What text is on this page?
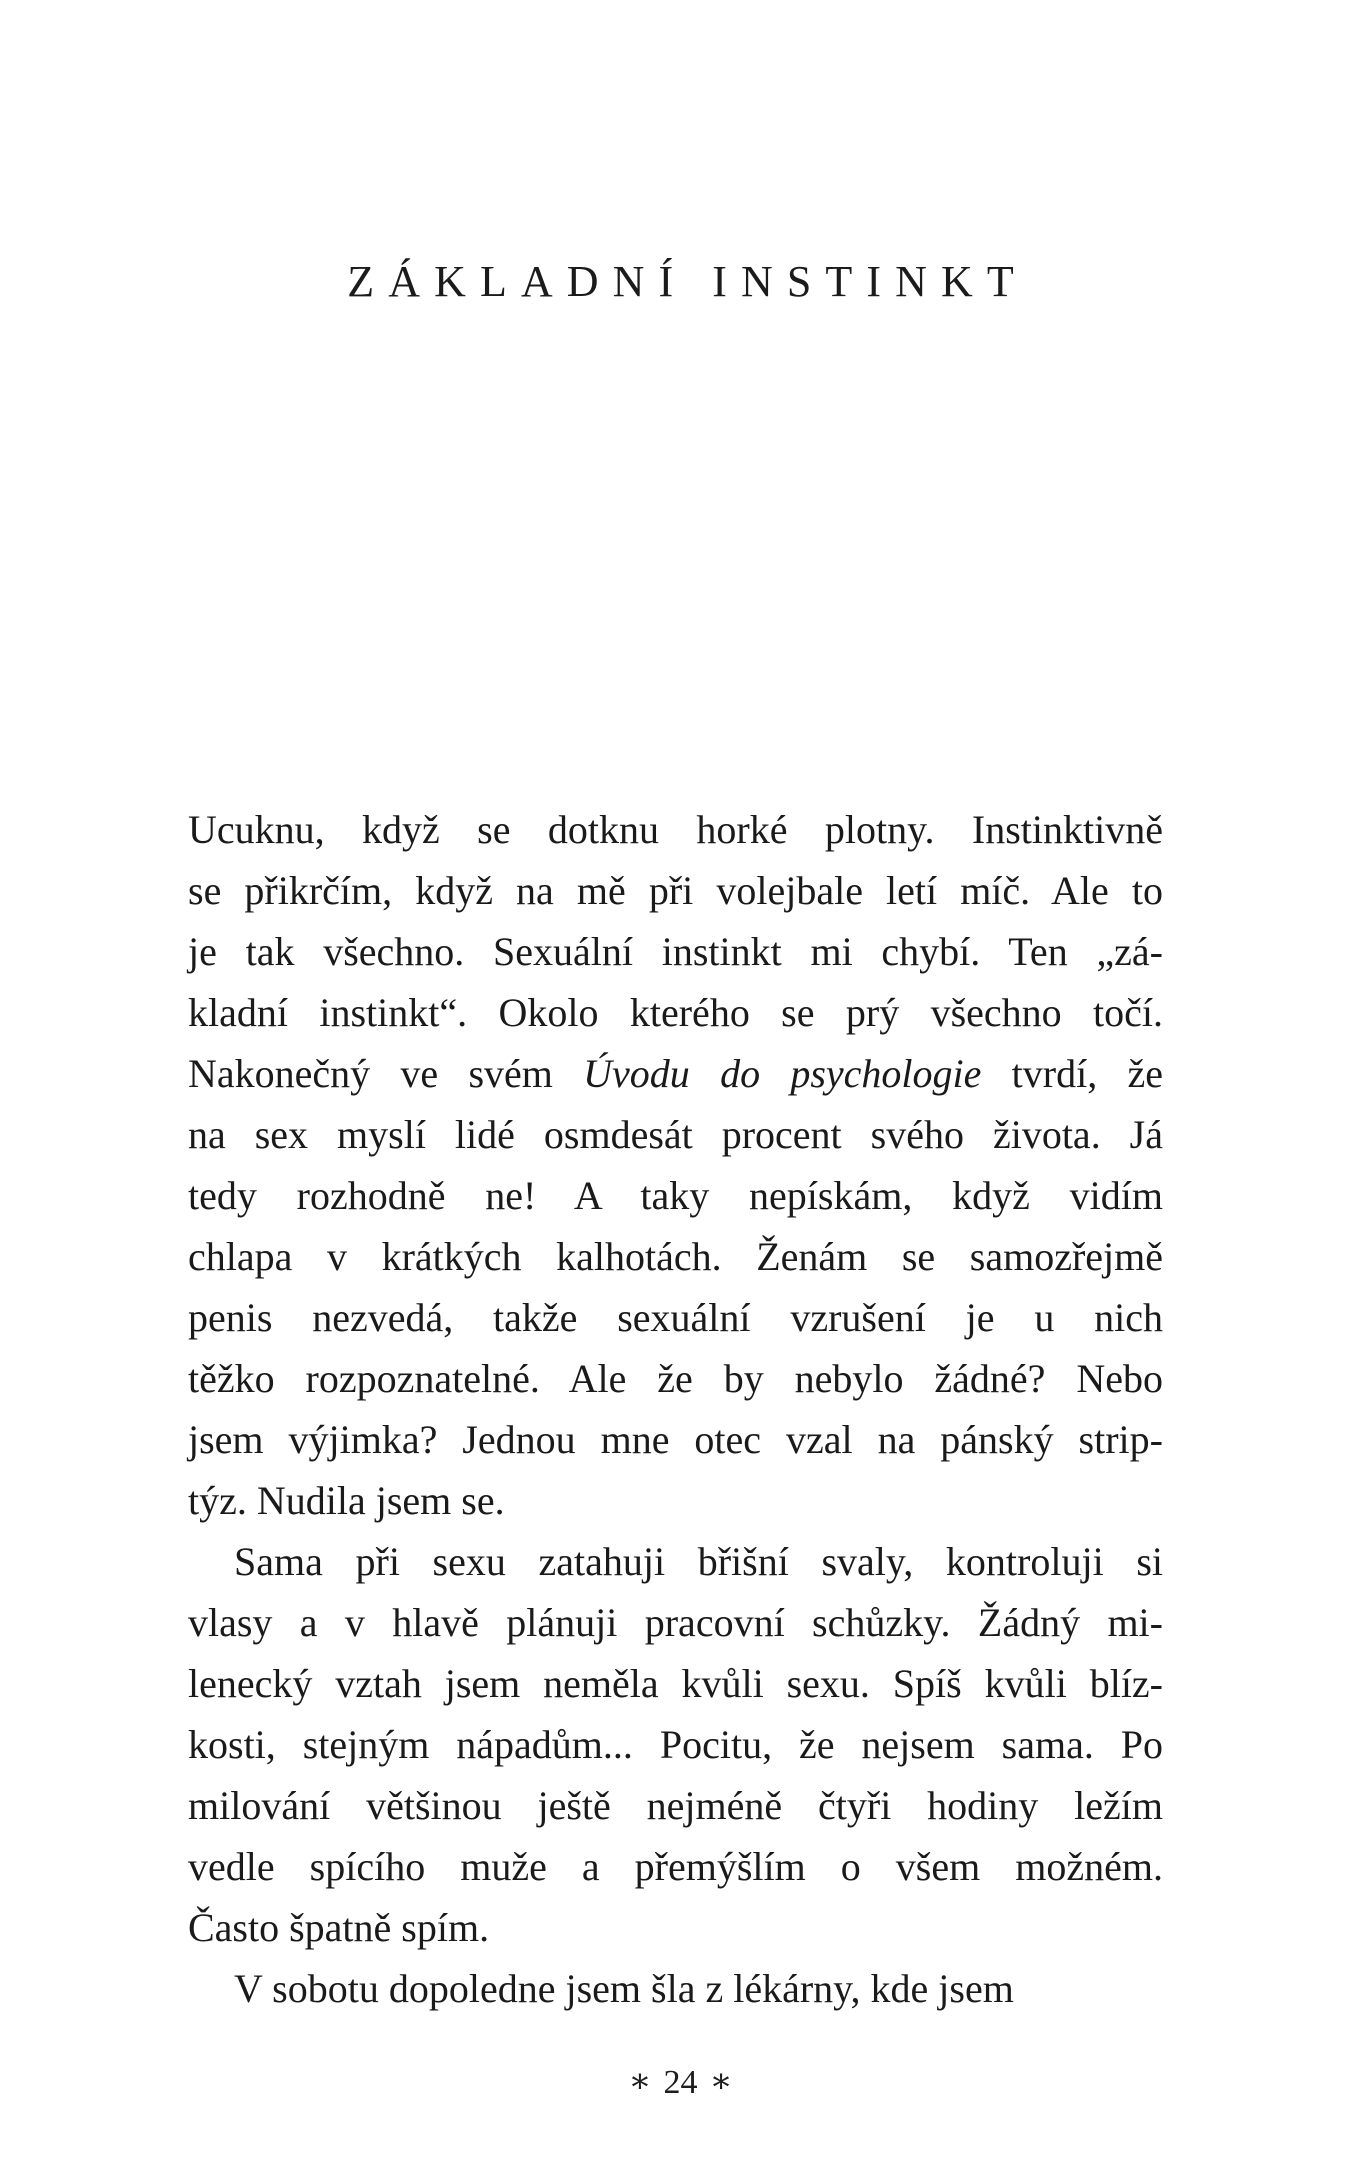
ZÁKLADNÍ INSTINKT

Ucuknu, když se dotknu horké plotny. Instinktivně
se přikrčím, když na mě při volejbale letí míč. Ale to
je tak všechno. Sexuální instinkt mi chybí. Ten „zá-
kladní instinkt“. Okolo kterého se prý všechno točí.
Nakonečný ve svém Úvodu do psychologie tvrdí, že
na sex myslí lidé osmdesát procent svého života. Já
tedy rozhodně ne! A taky nepískám, když vidím
chlapa v krátkých kalhotách. Ženám se samozřejmě
penis nezvedá, takže sexuální vzrušení je u nich
těžko rozpoznatelné. Ale že by nebylo žádné? Nebo
jsem výjimka? Jednou mne otec vzal na pánský strip-
týz. Nudila jsem se.

Sama při sexu zatahuji břišní svaly, kontroluji si
vlasy a v hlavě plánuji pracovní schůzky. Žádný mi-
lenecký vztah jsem neměla kvůli sexu. Spíš kvůli blíz-
kosti, stejným nápadům... Pocitu, že nejsem sama. Po
milování většinou ještě nejméně čtyři hodiny ležím
vedle spícího muže a přemýšlím o všem možném.
Často špatně spím.

V sobotu dopoledne jsem šla z lékárny, kde jsem

∗ 24 ∗
